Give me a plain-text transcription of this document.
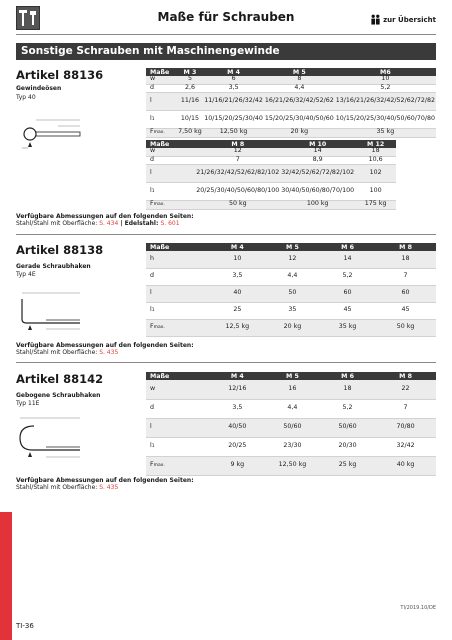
Maße für Schrauben	zur Übersicht
Sonstige Schrauben mit Maschinengewinde
Artikel 88136
Gewindeösen
Typ 40
Maße	M 3	M 4	M 5	M6
w	5	6	8	10
d	2,6	3,5	4,4	5,2
l	11/16	11/16/21/26/32/42	16/21/26/32/42/52/62	13/16/21/26/32/42/52/62/72/82
l1	10/15	10/15/20/25/30/40	15/20/25/30/40/50/60	10/15/20/25/30/40/50/60/70/80
Fmax.	7,50 kg	12,50 kg	20 kg	35 kg
Maße	M 8	M 10	M 12	
w	12	14	18	
d	7	8,9	10,6	
l	21/26/32/42/52/62/82/102	32/42/52/62/72/82/102	102	
l1	20/25/30/40/50/60/80/100	30/40/50/60/80/70/100	100	
Fmax.	50 kg	100 kg	175 kg	
Verfügbare Abmessungen auf den folgenden Seiten:
Stahl/Stahl mit Oberfläche: S. 434 | Edelstahl: S. 601
Artikel 88138
Gerade Schraubhaken
Typ 4E
Maße	M 4	M 5	M 6	M 8
h	10	12	14	18
d	3,5	4,4	5,2	7
l	40	50	60	60
l1	25	35	45	45
Fmax.	12,5 kg	20 kg	35 kg	50 kg
Verfügbare Abmessungen auf den folgenden Seiten:
Stahl/Stahl mit Oberfläche: S. 435
Artikel 88142
Gebogene Schraubhaken
Typ 11E
Maße	M 4	M 5	M 6	M 8
w	12/16	16	18	22
d	3,5	4,4	5,2	7
l	40/50	50/60	50/60	70/80
l1	20/25	23/30	20/30	32/42
Fmax.	9 kg	12,50 kg	25 kg	40 kg
Verfügbare Abmessungen auf den folgenden Seiten:
Stahl/Stahl mit Oberfläche: S. 435
TI/2019.10/DE
TI-36
